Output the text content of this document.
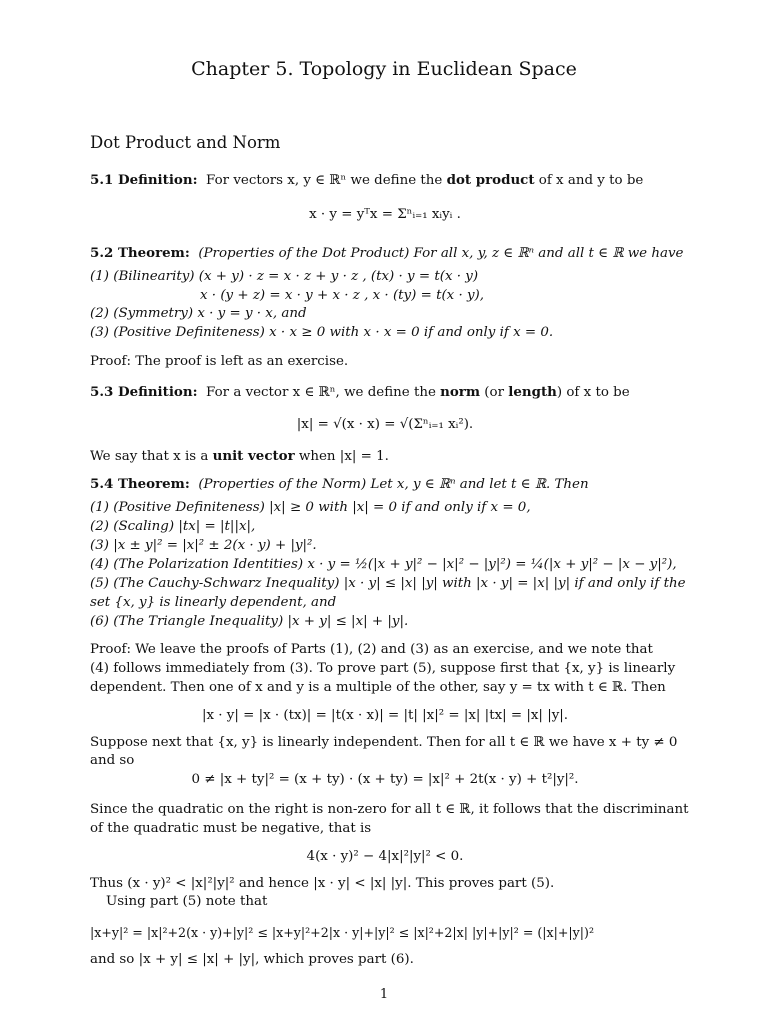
Chapter 5. Topology in Euclidean Space
Dot Product and Norm
5.1 Definition: For vectors x, y ∈ ℝⁿ we define the dot product of x and y to be
x · y = yᵀx = Σⁿᵢ₌₁ xᵢyᵢ .
5.2 Theorem: (Properties of the Dot Product) For all x, y, z ∈ ℝⁿ and all t ∈ ℝ we have
(1) (Bilinearity) (x + y) · z = x · z + y · z , (tx) · y = t(x · y)
x · (y + z) = x · y + x · z , x · (ty) = t(x · y),
(2) (Symmetry) x · y = y · x, and
(3) (Positive Definiteness) x · x ≥ 0 with x · x = 0 if and only if x = 0.
Proof: The proof is left as an exercise.
5.3 Definition: For a vector x ∈ ℝⁿ, we define the norm (or length) of x to be
|x| = √(x · x) = √(Σⁿᵢ₌₁ xᵢ²).
We say that x is a unit vector when |x| = 1.
5.4 Theorem: (Properties of the Norm) Let x, y ∈ ℝⁿ and let t ∈ ℝ. Then
(1) (Positive Definiteness) |x| ≥ 0 with |x| = 0 if and only if x = 0,
(2) (Scaling) |tx| = |t||x|,
(3) |x ± y|² = |x|² ± 2(x · y) + |y|².
(4) (The Polarization Identities) x · y = ½(|x + y|² − |x|² − |y|²) = ¼(|x + y|² − |x − y|²),
(5) (The Cauchy-Schwarz Inequality) |x · y| ≤ |x| |y| with |x · y| = |x| |y| if and only if the
set {x, y} is linearly dependent, and
(6) (The Triangle Inequality) |x + y| ≤ |x| + |y|.
Proof: We leave the proofs of Parts (1), (2) and (3) as an exercise, and we note that
(4) follows immediately from (3). To prove part (5), suppose first that {x, y} is linearly
dependent. Then one of x and y is a multiple of the other, say y = tx with t ∈ ℝ. Then
|x · y| = |x · (tx)| = |t(x · x)| = |t| |x|² = |x| |tx| = |x| |y|.
Suppose next that {x, y} is linearly independent. Then for all t ∈ ℝ we have x + ty ≠ 0
and so
0 ≠ |x + ty|² = (x + ty) · (x + ty) = |x|² + 2t(x · y) + t²|y|².
Since the quadratic on the right is non-zero for all t ∈ ℝ, it follows that the discriminant
of the quadratic must be negative, that is
4(x · y)² − 4|x|²|y|² < 0.
Thus (x · y)² < |x|²|y|² and hence |x · y| < |x| |y|. This proves part (5).
Using part (5) note that
|x+y|² = |x|²+2(x · y)+|y|² ≤ |x+y|²+2|x · y|+|y|² ≤ |x|²+2|x| |y|+|y|² = (|x|+|y|)²
and so |x + y| ≤ |x| + |y|, which proves part (6).
1
